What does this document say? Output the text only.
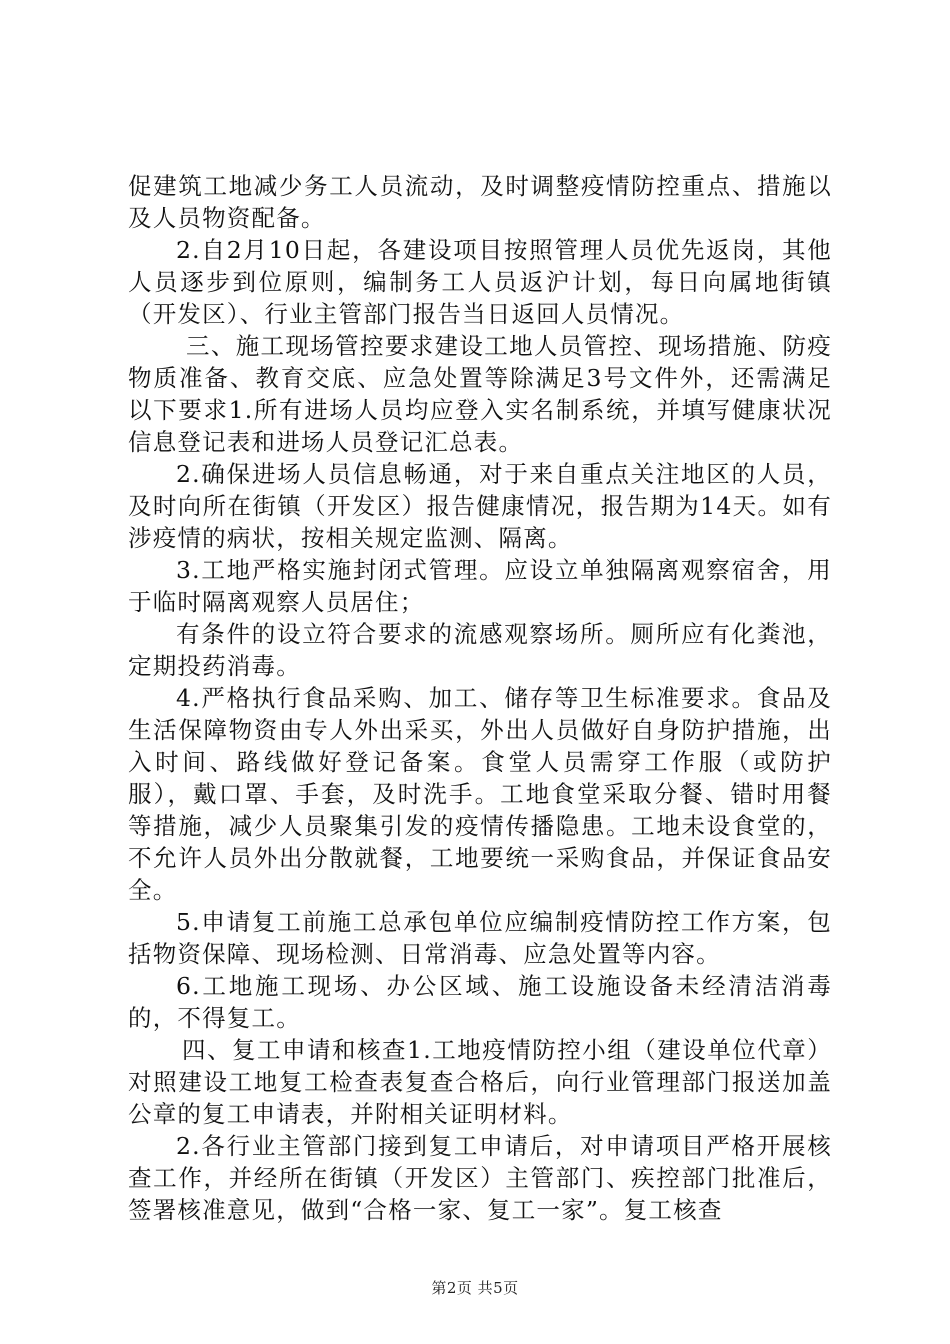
促建筑工地减少务工人员流动，及时调整疫情防控重点、措施以及人员物资配备。

2.自2月10日起，各建设项目按照管理人员优先返岗，其他人员逐步到位原则，编制务工人员返沪计划，每日向属地街镇（开发区）、行业主管部门报告当日返回人员情况。

三、施工现场管控要求建设工地人员管控、现场措施、防疫物质准备、教育交底、应急处置等除满足3号文件外，还需满足以下要求1.所有进场人员均应登入实名制系统，并填写健康状况信息登记表和进场人员登记汇总表。

2.确保进场人员信息畅通，对于来自重点关注地区的人员，及时向所在街镇（开发区）报告健康情况，报告期为14天。如有涉疫情的病状，按相关规定监测、隔离。

3.工地严格实施封闭式管理。应设立单独隔离观察宿舍，用于临时隔离观察人员居住；

有条件的设立符合要求的流感观察场所。厕所应有化粪池，定期投药消毒。

4.严格执行食品采购、加工、储存等卫生标准要求。食品及生活保障物资由专人外出采买，外出人员做好自身防护措施，出入时间、路线做好登记备案。食堂人员需穿工作服（或防护服），戴口罩、手套，及时洗手。工地食堂采取分餐、错时用餐等措施，减少人员聚集引发的疫情传播隐患。工地未设食堂的，不允许人员外出分散就餐，工地要统一采购食品，并保证食品安全。

5.申请复工前施工总承包单位应编制疫情防控工作方案，包括物资保障、现场检测、日常消毒、应急处置等内容。

6.工地施工现场、办公区域、施工设施设备未经清洁消毒的，不得复工。

四、复工申请和核查1.工地疫情防控小组（建设单位代章）对照建设工地复工检查表复查合格后，向行业管理部门报送加盖公章的复工申请表，并附相关证明材料。

2.各行业主管部门接到复工申请后，对申请项目严格开展核查工作，并经所在街镇（开发区）主管部门、疾控部门批准后，签署核准意见，做到“合格一家、复工一家”。复工核查

第2页 共5页
